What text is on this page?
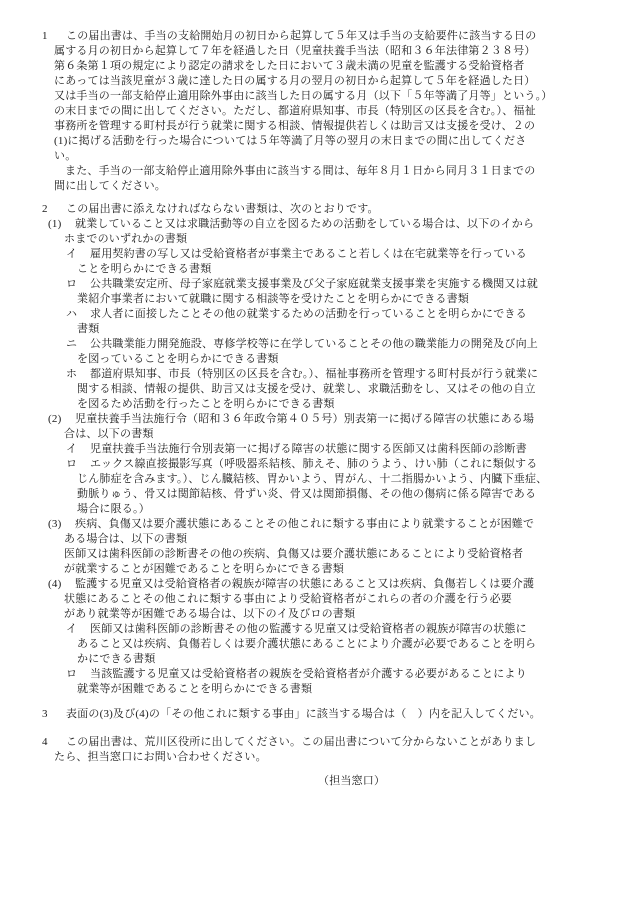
1 この届出書は、手当の支給開始月の初日から起算して５年又は手当の支給要件に該当する日の
属する月の初日から起算して７年を経過した日（児童扶養手当法（昭和３６年法律第２３８号）
第６条第１項の規定により認定の請求をした日において３歳未満の児童を監護する受給資格者
にあっては当該児童が３歳に達した日の属する月の翌月の初日から起算して５年を経過した日）
又は手当の一部支給停止適用除外事由に該当した日の属する月（以下「５年等満了月等」という。）
の末日までの間に出してください。ただし、都道府県知事、市長（特別区の区長を含む。）、福祉
事務所を管理する町村長が行う就業に関する相談、情報提供若しくは助言又は支援を受け、２の
(1)に掲げる活動を行った場合については５年等満了月等の翌月の末日までの間に出してくださ
い。
また、手当の一部支給停止適用除外事由に該当する間は、毎年８月１日から同月３１日までの
間に出してください。
2 この届出書に添えなければならない書類は、次のとおりです。
(1) 就業していること又は求職活動等の自立を図るための活動をしている場合は、以下のイから
ホまでのいずれかの書類
イ 雇用契約書の写し又は受給資格者が事業主であること若しくは在宅就業等を行っている
ことを明らかにできる書類
ロ 公共職業安定所、母子家庭就業支援事業及び父子家庭就業支援事業を実施する機関又は就
業紹介事業者において就職に関する相談等を受けたことを明らかにできる書類
ハ 求人者に面接したことその他の就業するための活動を行っていることを明らかにできる
書類
ニ 公共職業能力開発施設、専修学校等に在学していることその他の職業能力の開発及び向上
を図っていることを明らかにできる書類
ホ 都道府県知事、市長（特別区の区長を含む。）、福祉事務所を管理する町村長が行う就業に
関する相談、情報の提供、助言又は支援を受け、就業し、求職活動をし、又はその他の自立
を図るため活動を行ったことを明らかにできる書類
(2) 児童扶養手当法施行令（昭和３６年政令第４０５号）別表第一に掲げる障害の状態にある場
合は、以下の書類
イ 児童扶養手当法施行令別表第一に掲げる障害の状態に関する医師又は歯科医師の診断書
ロ エックス線直接撮影写真（呼吸器系結核、肺えそ、肺のうよう、けい肺（これに類似する
じん肺症を含みます。）、じん臓結核、胃かいよう、胃がん、十二指腸かいよう、内臓下垂症、
動脈りゅう、骨又は関節結核、骨ずい炎、骨又は関節損傷、その他の傷病に係る障害である
場合に限る。）
(3) 疾病、負傷又は要介護状態にあることその他これに類する事由により就業することが困難で
ある場合は、以下の書類
医師又は歯科医師の診断書その他の疾病、負傷又は要介護状態にあることにより受給資格者
が就業することが困難であることを明らかにできる書類
(4) 監護する児童又は受給資格者の親族が障害の状態にあること又は疾病、負傷若しくは要介護
状態にあることその他これに類する事由により受給資格者がこれらの者の介護を行う必要
があり就業等が困難である場合は、以下のイ及びロの書類
イ 医師又は歯科医師の診断書その他の監護する児童又は受給資格者の親族が障害の状態に
あること又は疾病、負傷若しくは要介護状態にあることにより介護が必要であることを明ら
かにできる書類
ロ 当該監護する児童又は受給資格者の親族を受給資格者が介護する必要があることにより
就業等が困難であることを明らかにできる書類
3 表面の(3)及び(4)の「その他これに類する事由」に該当する場合は（　）内を記入してくだい。
4 この届出書は、荒川区役所に出してください。この届出書について分からないことがありまし
たら、担当窓口にお問い合わせください。
（担当窓口）
